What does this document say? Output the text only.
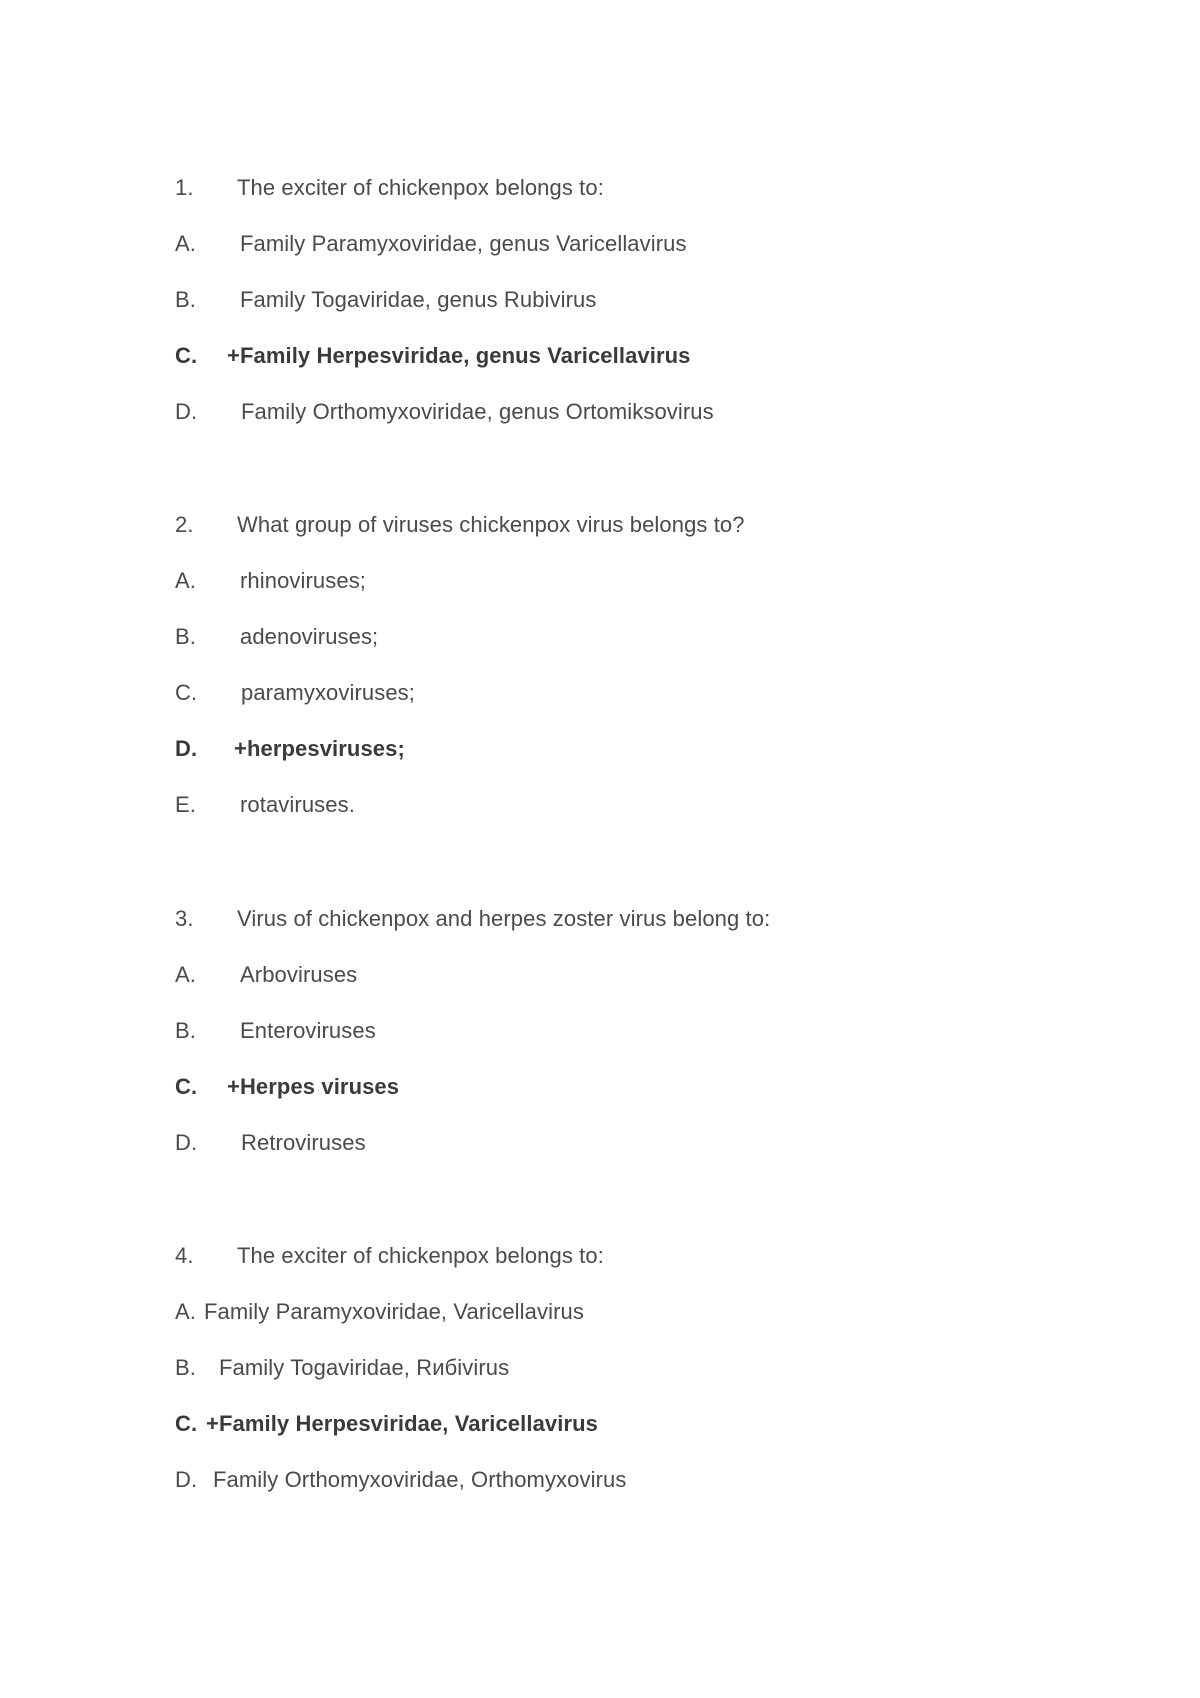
1. The exciter of chickenpox belongs to:
A. Family Paramyxoviridae, genus Varicellavirus
B. Family Togaviridae, genus Rubivirus
C. +Family Herpesviridae, genus Varicellavirus
D. Family Orthomyxoviridae, genus Ortomiksovirus
2. What group of viruses chickenpox virus belongs to?
A. rhinoviruses;
B. adenoviruses;
C. paramyxoviruses;
D. +herpesviruses;
E. rotaviruses.
3. Virus of chickenpox and herpes zoster virus belong to:
A. Arboviruses
B. Enteroviruses
C. +Herpes viruses
D. Retroviruses
4. The exciter of chickenpox belongs to:
A. Family Paramyxoviridae, Varicellavirus
B. Family Togaviridae, Rибivirus
C. +Family Herpesviridae, Varicellavirus
D. Family Orthomyxoviridae, Orthomyxovirus
